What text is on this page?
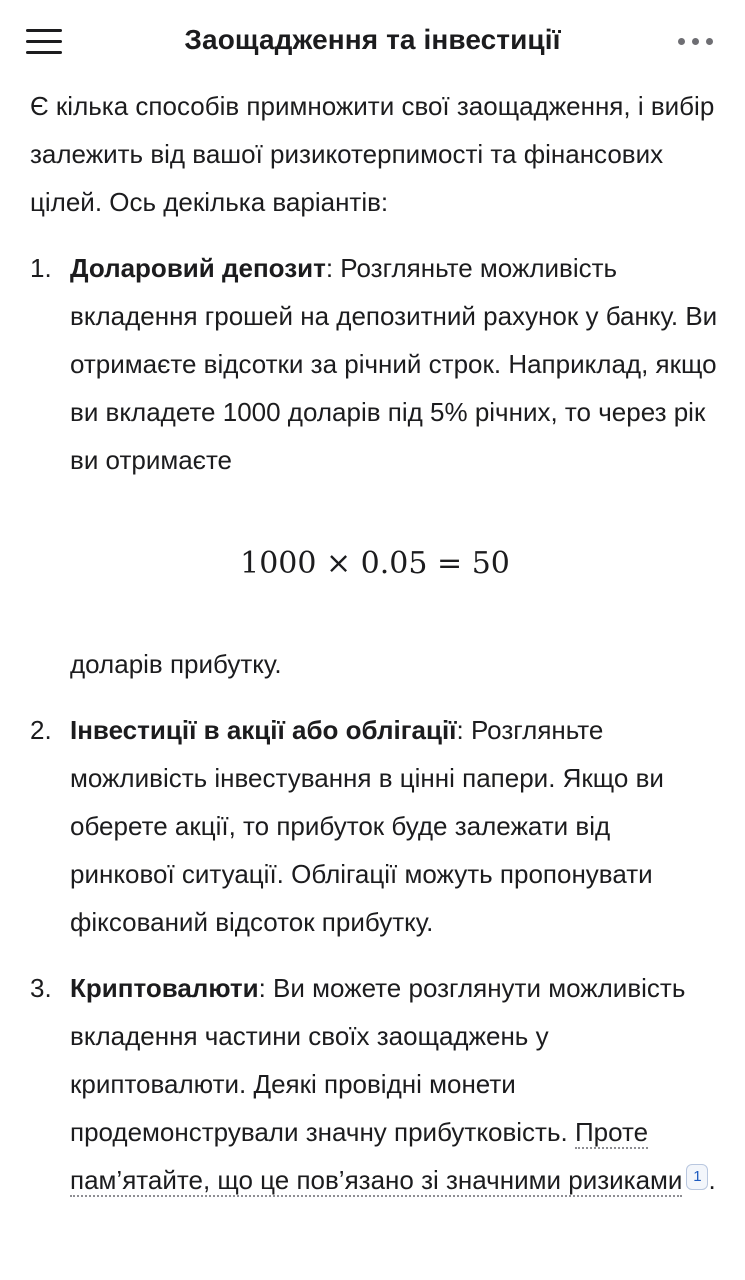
Заощадження та інвестиції

Є кілька способів примножити свої заощадження, і вибір залежить від вашої ризикотерпимості та фінансових цілей. Ось декілька варіантів:

1. Доларовий депозит: Розгляньте можливість вкладення грошей на депозитний рахунок у банку. Ви отримаєте відсотки за річний строк. Наприклад, якщо ви вкладете 1000 доларів під 5% річних, то через рік ви отримаєте
1000 × 0.05 = 50
доларів прибутку.
2. Інвестиції в акції або облігації: Розгляньте можливість інвестування в цінні папери. Якщо ви оберете акції, то прибуток буде залежати від ринкової ситуації. Облігації можуть пропонувати фіксований відсоток прибутку.
3. Криптовалюти: Ви можете розглянути можливість вкладення частини своїх заощаджень у криптовалюти. Деякі провідні монети продемонстрували значну прибутковість. Проте пам’ятайте, що це пов’язано зі значними ризиками 1 .
